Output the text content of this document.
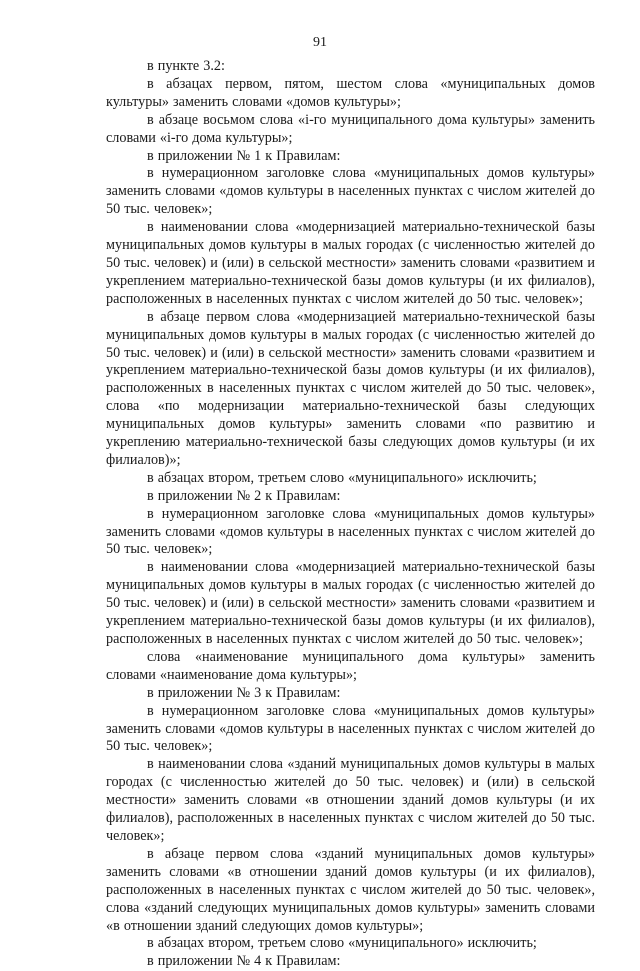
91

в пункте 3.2:

в абзацах первом, пятом, шестом слова «муниципальных домов культуры» заменить словами «домов культуры»;

в абзаце восьмом слова «i-го муниципального дома культуры» заменить словами «i-го дома культуры»;

в приложении № 1 к Правилам:

в нумерационном заголовке слова «муниципальных домов культуры» заменить словами «домов культуры в населенных пунктах с числом жителей до 50 тыс. человек»;

в наименовании слова «модернизацией материально-технической базы муниципальных домов культуры в малых городах (с численностью жителей до 50 тыс. человек) и (или) в сельской местности» заменить словами «развитием и укреплением материально-технической базы домов культуры (и их филиалов), расположенных в населенных пунктах с числом жителей до 50 тыс. человек»;

в абзаце первом слова «модернизацией материально-технической базы муниципальных домов культуры в малых городах (с численностью жителей до 50 тыс. человек) и (или) в сельской местности» заменить словами «развитием и укреплением материально-технической базы домов культуры (и их филиалов), расположенных в населенных пунктах с числом жителей до 50 тыс. человек», слова «по модернизации материально-технической базы следующих муниципальных домов культуры» заменить словами «по развитию и укреплению материально-технической базы следующих домов культуры (и их филиалов)»;

в абзацах втором, третьем слово «муниципального» исключить;

в приложении № 2 к Правилам:

в нумерационном заголовке слова «муниципальных домов культуры» заменить словами «домов культуры в населенных пунктах с числом жителей до 50 тыс. человек»;

в наименовании слова «модернизацией материально-технической базы муниципальных домов культуры в малых городах (с численностью жителей до 50 тыс. человек) и (или) в сельской местности» заменить словами «развитием и укреплением материально-технической базы домов культуры (и их филиалов), расположенных в населенных пунктах с числом жителей до 50 тыс. человек»;

слова «наименование муниципального дома культуры» заменить словами «наименование дома культуры»;

в приложении № 3 к Правилам:

в нумерационном заголовке слова «муниципальных домов культуры» заменить словами «домов культуры в населенных пунктах с числом жителей до 50 тыс. человек»;

в наименовании слова «зданий муниципальных домов культуры в малых городах (с численностью жителей до 50 тыс. человек) и (или) в сельской местности» заменить словами «в отношении зданий домов культуры (и их филиалов), расположенных в населенных пунктах с числом жителей до 50 тыс. человек»;

в абзаце первом слова «зданий муниципальных домов культуры» заменить словами «в отношении зданий домов культуры (и их филиалов), расположенных в населенных пунктах с числом жителей до 50 тыс. человек», слова «зданий следующих муниципальных домов культуры» заменить словами «в отношении зданий следующих домов культуры»;

в абзацах втором, третьем слово «муниципального» исключить;

в приложении № 4 к Правилам:
